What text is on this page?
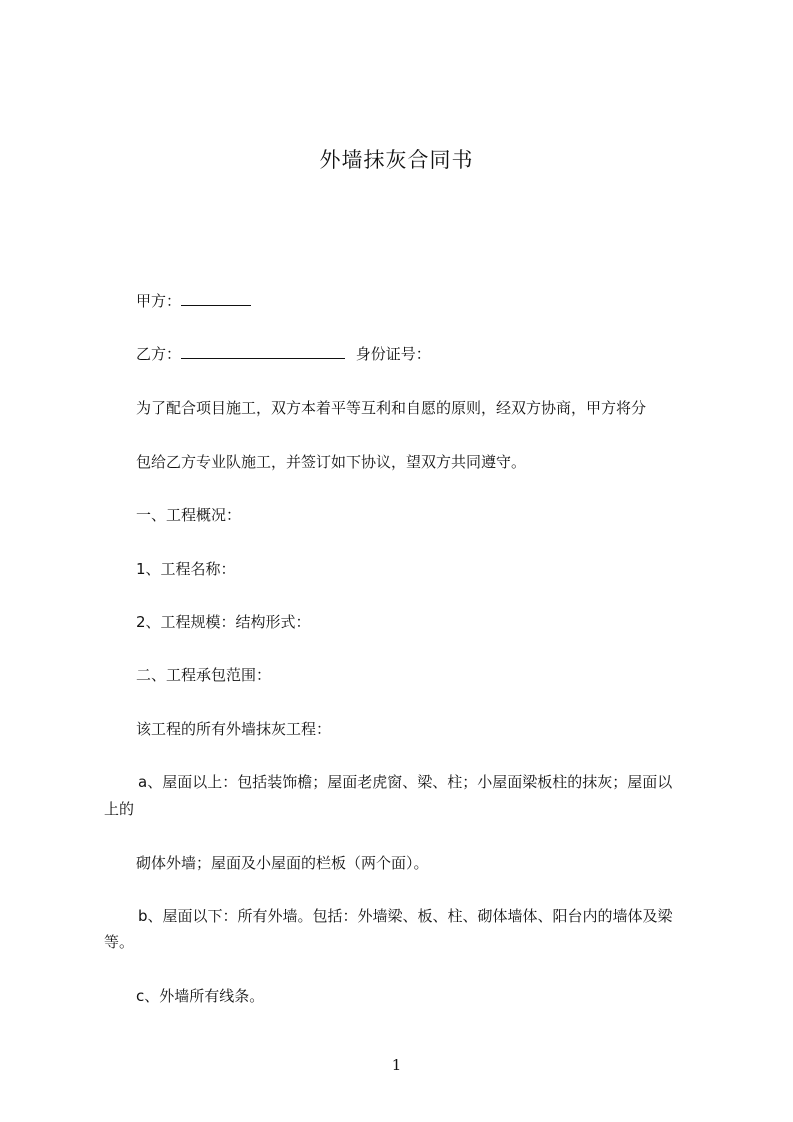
外墙抹灰合同书

甲方：

乙方：	身份证号：

为了配合项目施工，双方本着平等互利和自愿的原则，经双方协商，甲方将分

包给乙方专业队施工，并签订如下协议，望双方共同遵守。

一、工程概况：

1、工程名称：

2、工程规模：结构形式：

二、工程承包范围：

该工程的所有外墙抹灰工程：

a、屋面以上：包括装饰檐；屋面老虎窗、梁、柱；小屋面梁板柱的抹灰；屋面以

上的

砌体外墙；屋面及小屋面的栏板（两个面）。

b、屋面以下：所有外墙。包括：外墙梁、板、柱、砌体墙体、阳台内的墙体及梁

等。

c、外墙所有线条。

1
